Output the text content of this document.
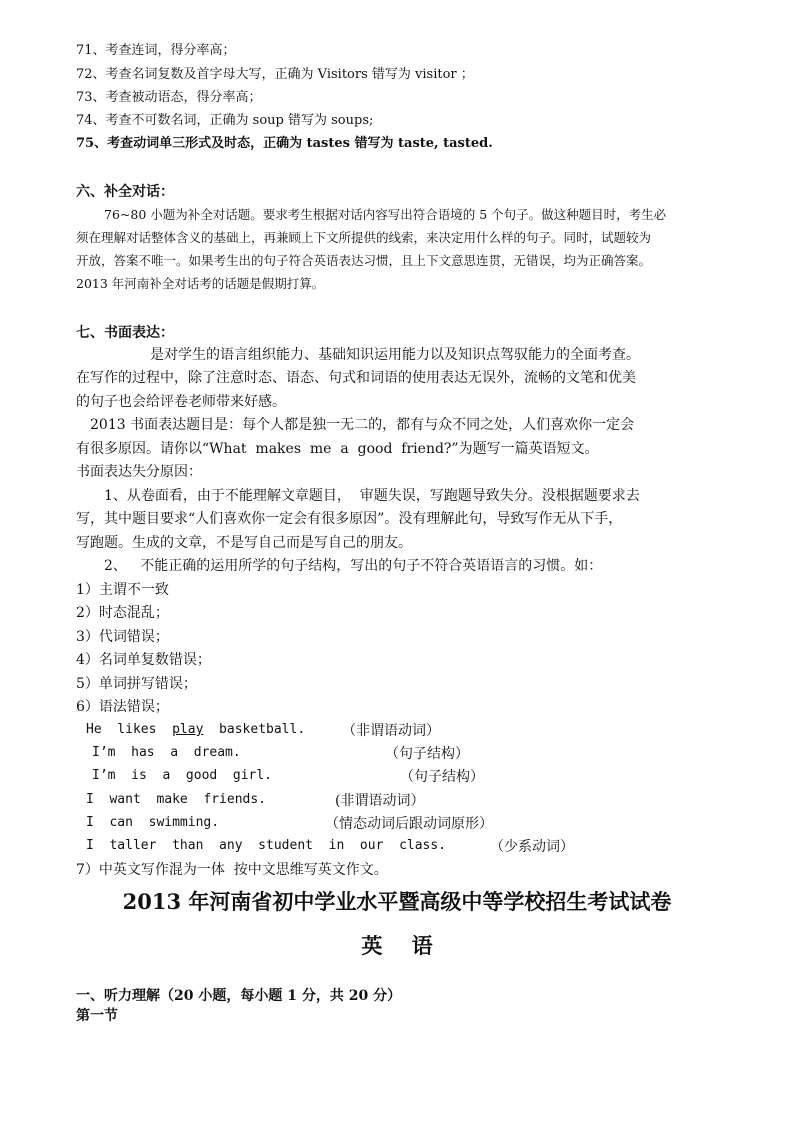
71、考查连词，得分率高；
72、考查名词复数及首字母大写，正确为 Visitors 错写为 visitor ；
73、考查被动语态，得分率高；
74、考查不可数名词，正确为 soup 错写为 soups;
75、考查动词单三形式及时态，正确为 tastes 错写为 taste, tasted.
六、补全对话：
76~80 小题为补全对话题。要求考生根据对话内容写出符合语境的 5 个句子。做这种题目时，考生必
须在理解对话整体含义的基础上，再兼顾上下文所提供的线索，来决定用什么样的句子。同时，试题较为
开放，答案不唯一。如果考生出的句子符合英语表达习惯，且上下文意思连贯，无错误，均为正确答案。
2013 年河南补全对话考的话题是假期打算。
七、书面表达：
是对学生的语言组织能力、基础知识运用能力以及知识点驾驭能力的全面考查。
在写作的过程中，除了注意时态、语态、句式和词语的使用表达无误外，流畅的文笔和优美
的句子也会给评卷老师带来好感。
2013 书面表达题目是：每个人都是独一无二的，都有与众不同之处，人们喜欢你一定会
有很多原因。请你以“What  makes  me  a  good  friend?”为题写一篇英语短文。
书面表达失分原因：
1、从卷面看，由于不能理解文章题目，  审题失误，写跑题导致失分。没根据题要求去
写，其中题目要求“人们喜欢你一定会有很多原因”。没有理解此句，导致写作无从下手，
写跑题。生成的文章，不是写自己而是写自己的朋友。
2、   不能正确的运用所学的句子结构，写出的句子不符合英语语言的习惯。如：
1）主谓不一致
2）时态混乱；
3）代词错误；
4）名词单复数错误；
5）单词拼写错误；
6）语法错误；
He  likes  play  basketball.	（非谓语动词）
I’m  has  a  dream.	（句子结构）
I’m  is  a  good  girl.	（句子结构）
I  want  make  friends.	(非谓语动词）
I  can  swimming.	（情态动词后跟动词原形）
I  taller  than  any  student  in  our  class.	（少系动词）
7）中英文写作混为一体  按中文思维写英文作文。
2013 年河南省初中学业水平暨高级中等学校招生考试试卷
英    语
一、听力理解（20 小题，每小题 1 分，共 20 分）
第一节
